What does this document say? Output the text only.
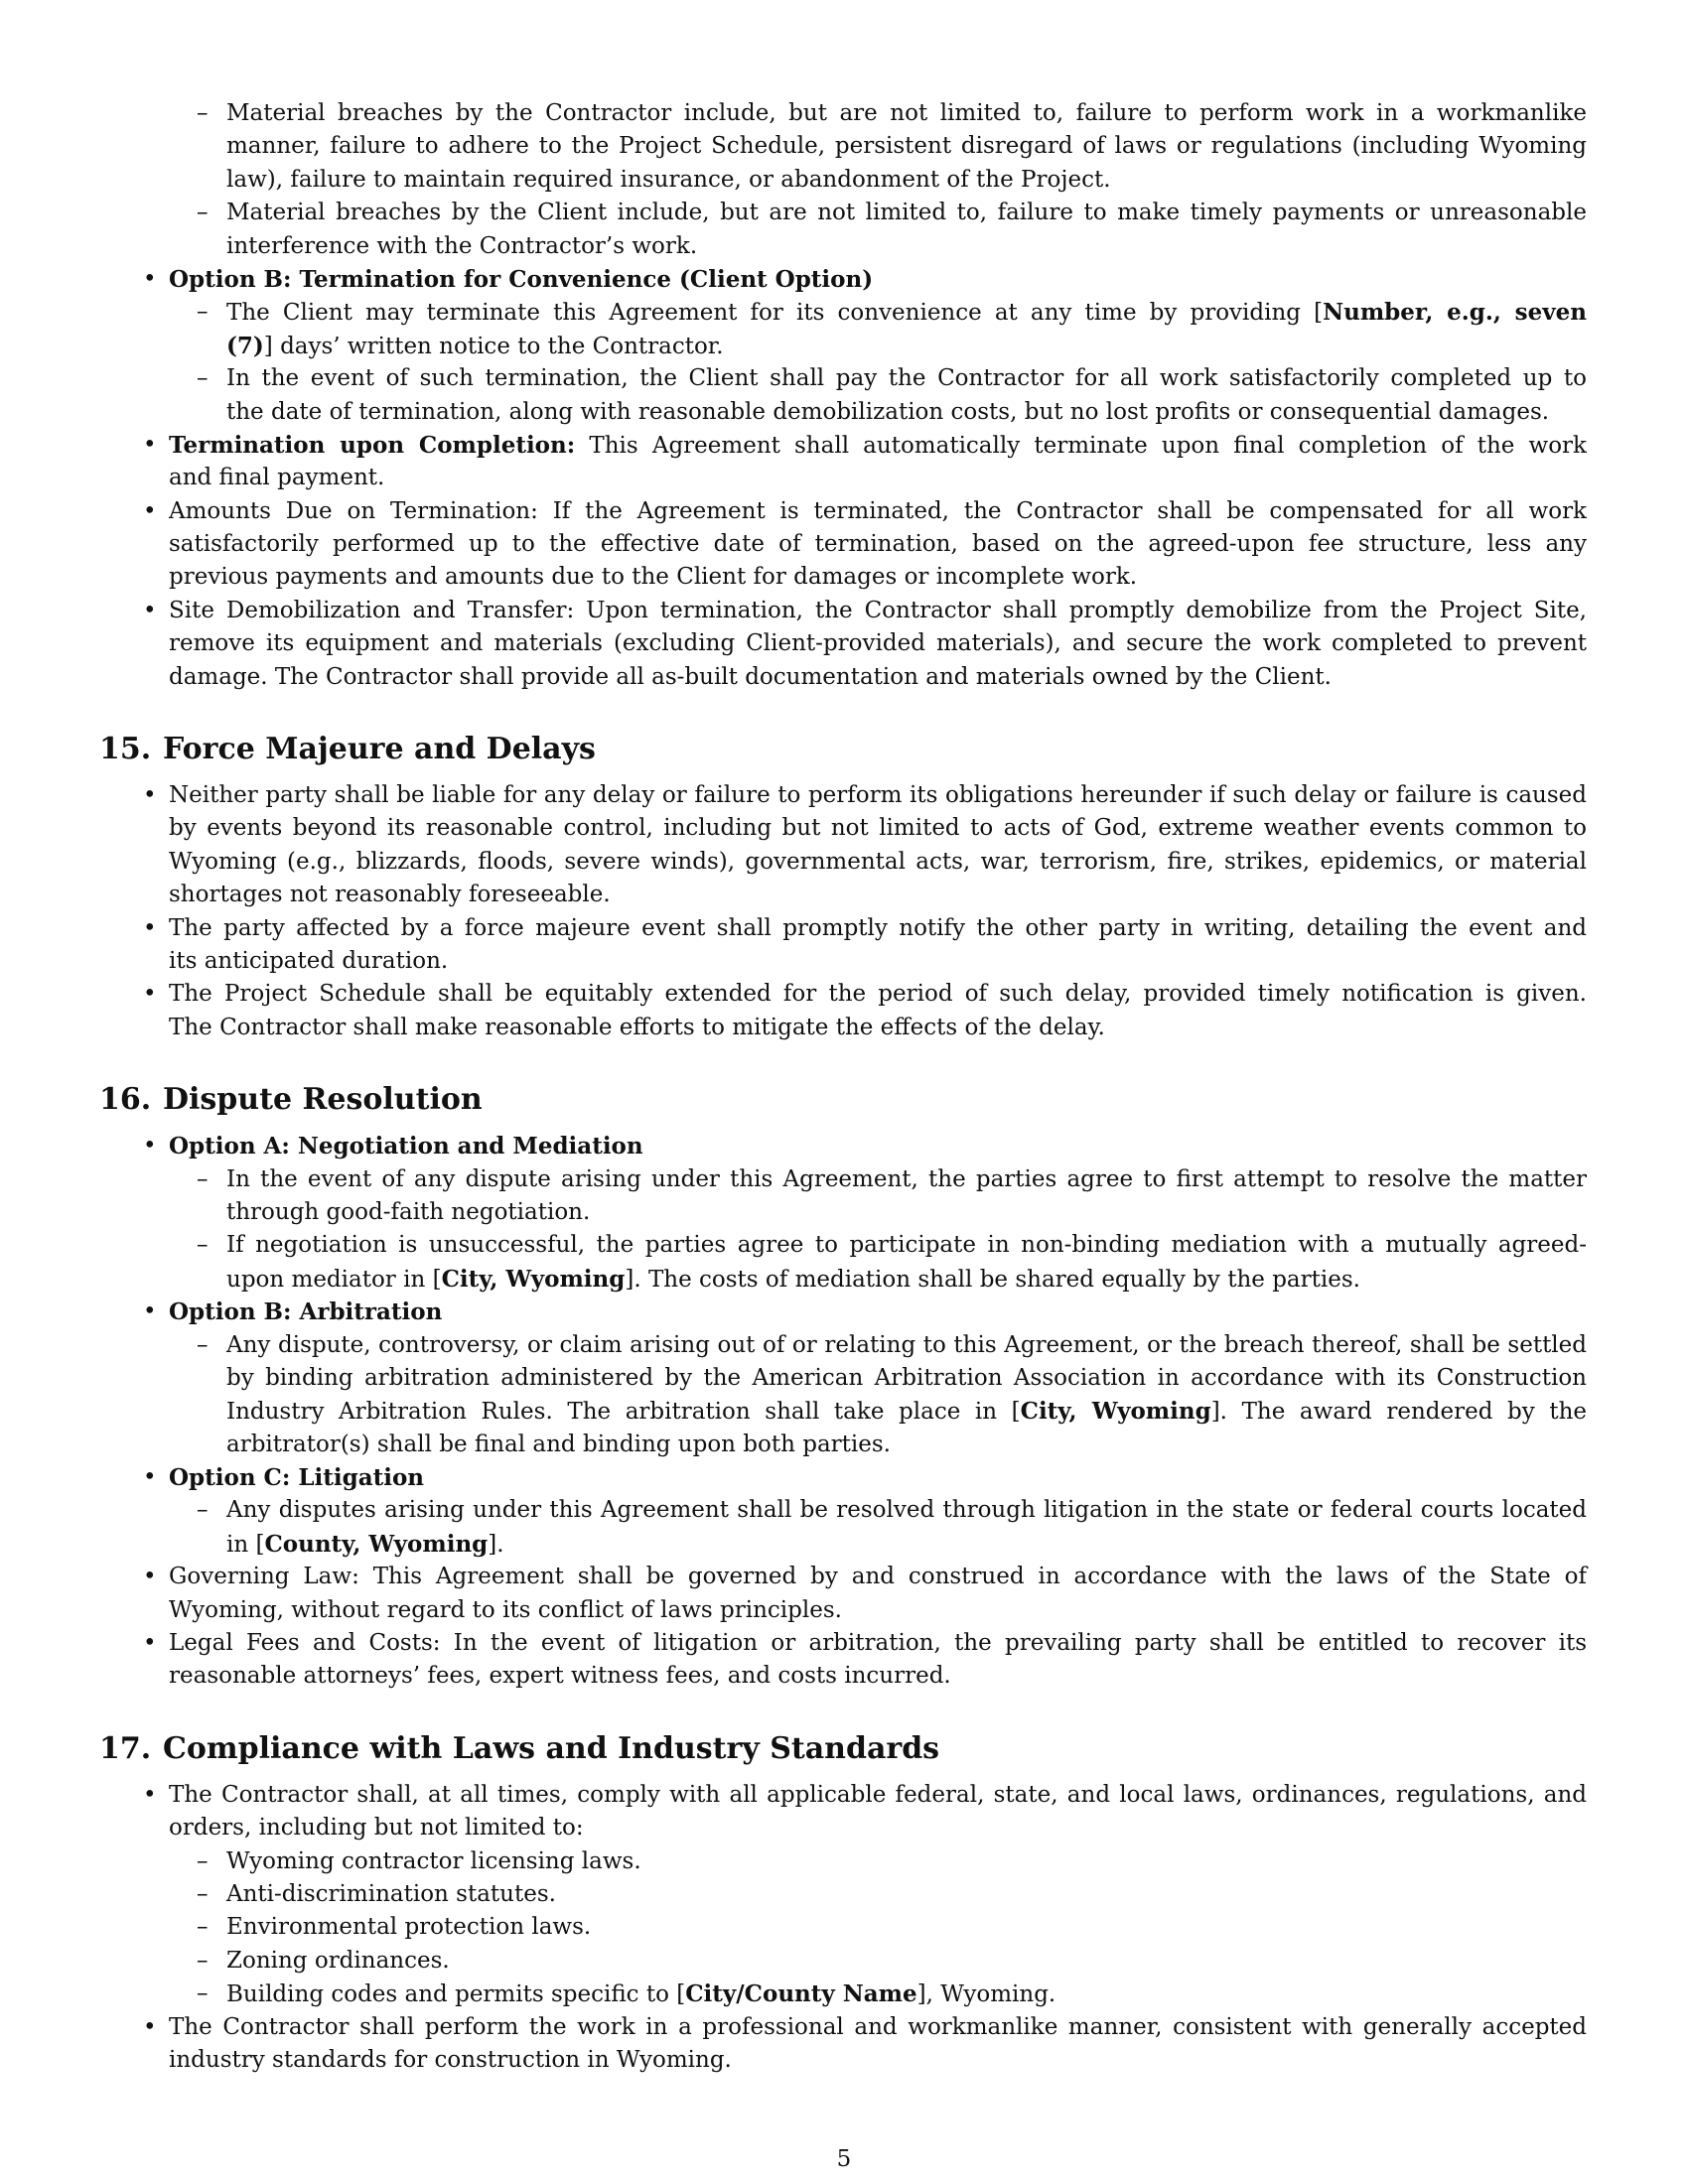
– Material breaches by the Contractor include, but are not limited to, failure to perform work in a workmanlike
manner, failure to adhere to the Project Schedule, persistent disregard of laws or regulations (including Wyoming
law), failure to maintain required insurance, or abandonment of the Project.
– Material breaches by the Client include, but are not limited to, failure to make timely payments or unreasonable
interference with the Contractor’s work.
• Option B: Termination for Convenience (Client Option)
– The Client may terminate this Agreement for its convenience at any time by providing [Number, e.g., seven
(7)] days’ written notice to the Contractor.
– In the event of such termination, the Client shall pay the Contractor for all work satisfactorily completed up to
the date of termination, along with reasonable demobilization costs, but no lost profits or consequential damages.
• Termination upon Completion: This Agreement shall automatically terminate upon final completion of the work
and final payment.
• Amounts Due on Termination: If the Agreement is terminated, the Contractor shall be compensated for all work
satisfactorily performed up to the effective date of termination, based on the agreed-upon fee structure, less any
previous payments and amounts due to the Client for damages or incomplete work.
• Site Demobilization and Transfer: Upon termination, the Contractor shall promptly demobilize from the Project Site,
remove its equipment and materials (excluding Client-provided materials), and secure the work completed to prevent
damage. The Contractor shall provide all as-built documentation and materials owned by the Client.
15. Force Majeure and Delays
• Neither party shall be liable for any delay or failure to perform its obligations hereunder if such delay or failure is caused
by events beyond its reasonable control, including but not limited to acts of God, extreme weather events common to
Wyoming (e.g., blizzards, floods, severe winds), governmental acts, war, terrorism, fire, strikes, epidemics, or material
shortages not reasonably foreseeable.
• The party affected by a force majeure event shall promptly notify the other party in writing, detailing the event and
its anticipated duration.
• The Project Schedule shall be equitably extended for the period of such delay, provided timely notification is given.
The Contractor shall make reasonable efforts to mitigate the effects of the delay.
16. Dispute Resolution
• Option A: Negotiation and Mediation
– In the event of any dispute arising under this Agreement, the parties agree to first attempt to resolve the matter
through good-faith negotiation.
– If negotiation is unsuccessful, the parties agree to participate in non-binding mediation with a mutually agreed-
upon mediator in [City, Wyoming]. The costs of mediation shall be shared equally by the parties.
• Option B: Arbitration
– Any dispute, controversy, or claim arising out of or relating to this Agreement, or the breach thereof, shall be settled
by binding arbitration administered by the American Arbitration Association in accordance with its Construction
Industry Arbitration Rules. The arbitration shall take place in [City, Wyoming]. The award rendered by the
arbitrator(s) shall be final and binding upon both parties.
• Option C: Litigation
– Any disputes arising under this Agreement shall be resolved through litigation in the state or federal courts located
in [County, Wyoming].
• Governing Law: This Agreement shall be governed by and construed in accordance with the laws of the State of
Wyoming, without regard to its conflict of laws principles.
• Legal Fees and Costs: In the event of litigation or arbitration, the prevailing party shall be entitled to recover its
reasonable attorneys’ fees, expert witness fees, and costs incurred.
17. Compliance with Laws and Industry Standards
• The Contractor shall, at all times, comply with all applicable federal, state, and local laws, ordinances, regulations, and
orders, including but not limited to:
– Wyoming contractor licensing laws.
– Anti-discrimination statutes.
– Environmental protection laws.
– Zoning ordinances.
– Building codes and permits specific to [City/County Name], Wyoming.
• The Contractor shall perform the work in a professional and workmanlike manner, consistent with generally accepted
industry standards for construction in Wyoming.
5
